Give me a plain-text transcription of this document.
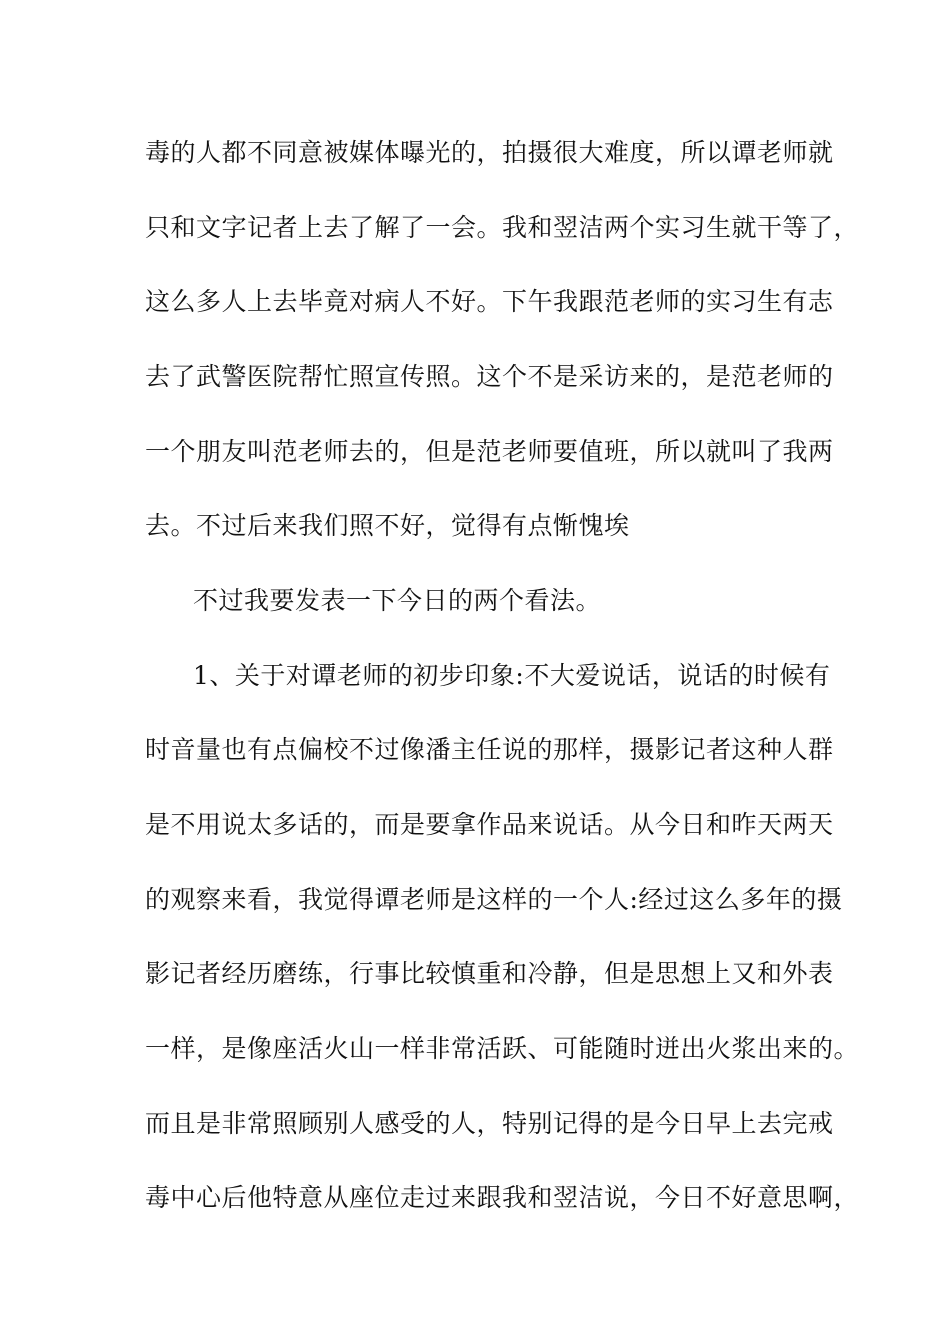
毒的人都不同意被媒体曝光的，拍摄很大难度，所以谭老师就
只和文字记者上去了解了一会。我和翌洁两个实习生就干等了，
这么多人上去毕竟对病人不好。下午我跟范老师的实习生有志
去了武警医院帮忙照宣传照。这个不是采访来的，是范老师的
一个朋友叫范老师去的，但是范老师要值班，所以就叫了我两
去。不过后来我们照不好，觉得有点惭愧埃
不过我要发表一下今日的两个看法。
1、关于对谭老师的初步印象:不大爱说话，说话的时候有
时音量也有点偏校不过像潘主任说的那样，摄影记者这种人群
是不用说太多话的，而是要拿作品来说话。从今日和昨天两天
的观察来看，我觉得谭老师是这样的一个人:经过这么多年的摄
影记者经历磨练，行事比较慎重和冷静，但是思想上又和外表
一样，是像座活火山一样非常活跃、可能随时迸出火浆出来的。
而且是非常照顾别人感受的人，特别记得的是今日早上去完戒
毒中心后他特意从座位走过来跟我和翌洁说，今日不好意思啊，
